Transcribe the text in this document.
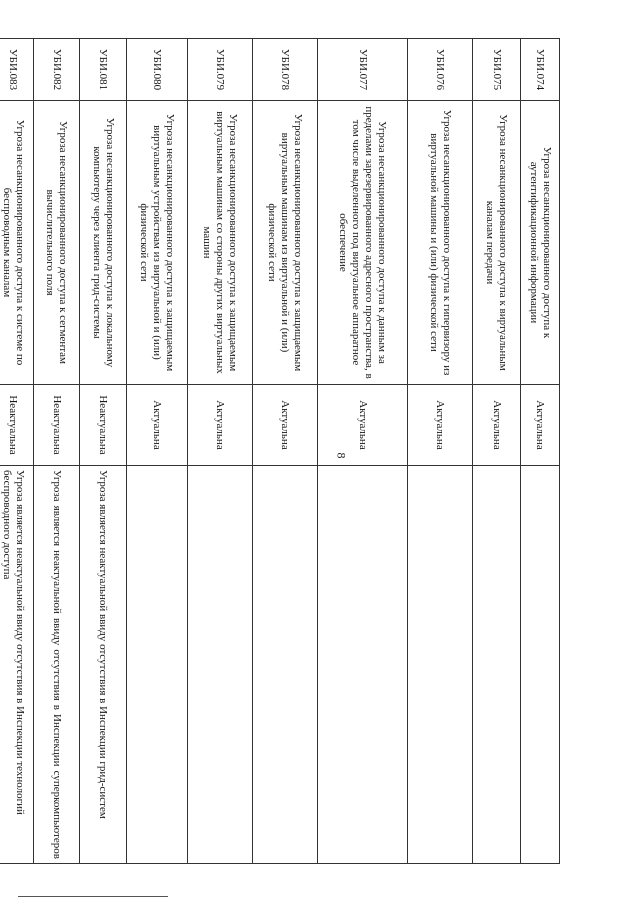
УБИ.074	Угроза несанкционированного доступа к аутентификационной информации	Актуальна	
УБИ.075	Угроза несанкционированного доступа к виртуальным каналам передачи	Актуальна	
УБИ.076	Угроза несанкционированного доступа к гипервизору из виртуальной машины и (или) физической сети	Актуальна	
УБИ.077	Угроза несанкционированного доступа к данным за пределами зарезервированного адресного пространства, в том числе выделенного под виртуальное аппаратное обеспечение	Актуальна	
УБИ.078	Угроза несанкционированного доступа к защищаемым виртуальным машинам из виртуальной и (или) физической сети	Актуальна	
УБИ.079	Угроза несанкционированного доступа к защищаемым виртуальным машинам со стороны других виртуальных машин	Актуальна	
УБИ.080	Угроза несанкционированного доступа к защищаемым виртуальным устройствам из виртуальной и (или) физической сети	Актуальна	
УБИ.081	Угроза несанкционированного доступа к локальному компьютеру через клиента грид-системы	Неактуальна	Угроза является неактуальной ввиду отсутствия в Инспекции грид-систем
УБИ.082	Угроза несанкционированного доступа к сегментам вычислительного поля	Неактуальна	Угроза является неактуальной ввиду отсутствия в Инспекции суперкомпьютеров
УБИ.083	Угроза несанкционированного доступа к системе по беспроводным каналам	Неактуальна	Угроза является неактуальной ввиду отсутствия в Инспекции технологий беспроводного доступа
8
